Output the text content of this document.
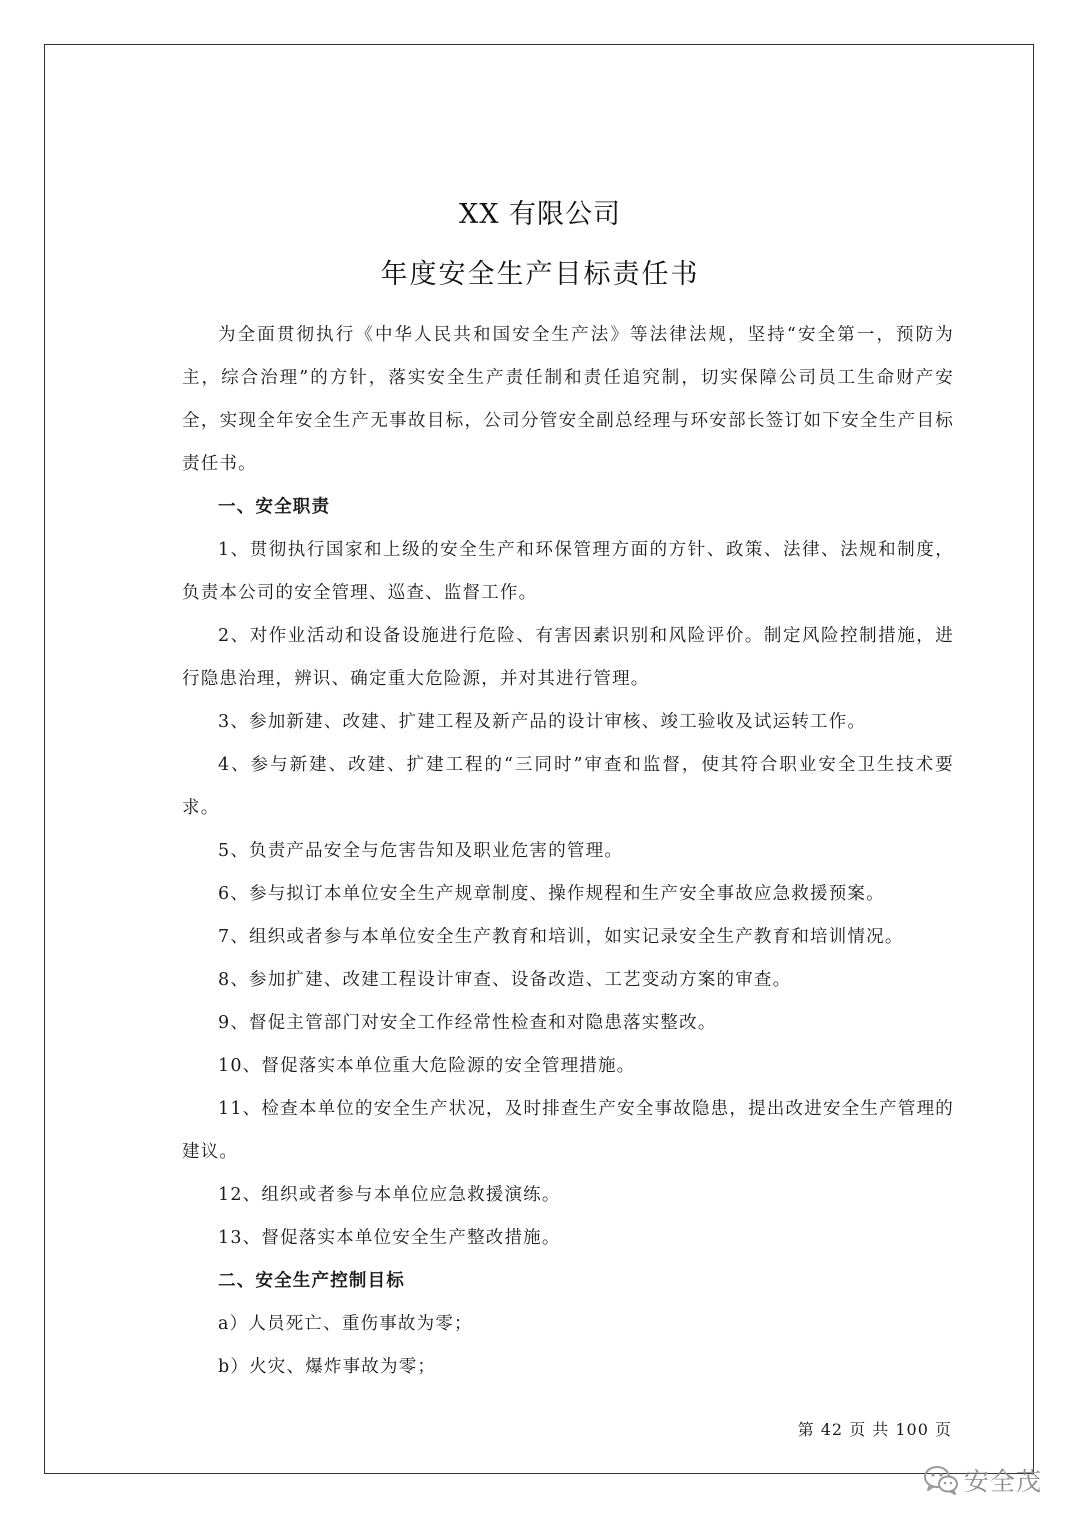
XX 有限公司
年度安全生产目标责任书

为全面贯彻执行《中华人民共和国安全生产法》等法律法规，坚持“安全第一，预防为主，综合治理”的方针，落实安全生产责任制和责任追究制，切实保障公司员工生命财产安全，实现全年安全生产无事故目标，公司分管安全副总经理与环安部长签订如下安全生产目标责任书。

一、安全职责

1、贯彻执行国家和上级的安全生产和环保管理方面的方针、政策、法律、法规和制度，负责本公司的安全管理、巡查、监督工作。

2、对作业活动和设备设施进行危险、有害因素识别和风险评价。制定风险控制措施，进行隐患治理，辨识、确定重大危险源，并对其进行管理。

3、参加新建、改建、扩建工程及新产品的设计审核、竣工验收及试运转工作。

4、参与新建、改建、扩建工程的“三同时”审查和监督，使其符合职业安全卫生技术要求。

5、负责产品安全与危害告知及职业危害的管理。

6、参与拟订本单位安全生产规章制度、操作规程和生产安全事故应急救援预案。

7、组织或者参与本单位安全生产教育和培训，如实记录安全生产教育和培训情况。

8、参加扩建、改建工程设计审查、设备改造、工艺变动方案的审查。

9、督促主管部门对安全工作经常性检查和对隐患落实整改。

10、督促落实本单位重大危险源的安全管理措施。

11、检查本单位的安全生产状况，及时排查生产安全事故隐患，提出改进安全生产管理的建议。

12、组织或者参与本单位应急救援演练。

13、督促落实本单位安全生产整改措施。

二、安全生产控制目标

a）人员死亡、重伤事故为零；

b）火灾、爆炸事故为零；

第 42 页 共 100 页
安全茂
